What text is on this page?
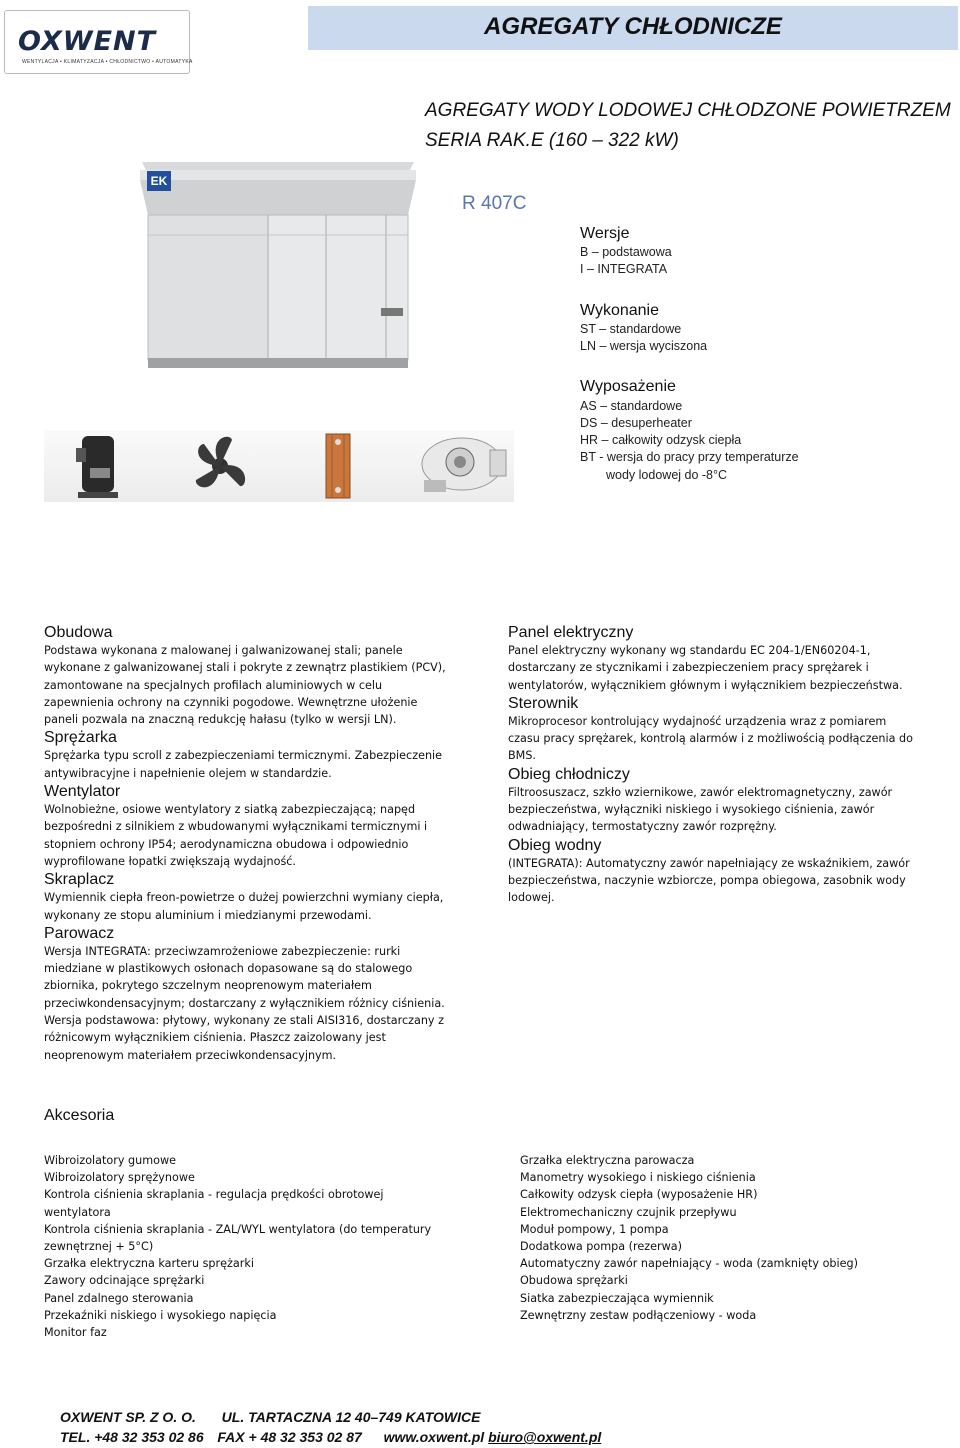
OXWENT
WENTYLACJA • KLIMATYZACJA • CHŁODNICTWO • AUTOMATYKA
AGREGATY CHŁODNICZE
AGREGATY WODY LODOWEJ CHŁODZONE POWIETRZEM
SERIA RAK.E (160 – 322 kW)
EK
R 407C
Wersje
B – podstawowa
I – INTEGRATA
Wykonanie
ST – standardowe
LN – wersja wyciszona
Wyposażenie
AS – standardowe
DS – desuperheater
HR – całkowity odzysk ciepła
BT - wersja do pracy przy temperaturze
wody lodowej do -8°C
Obudowa
Podstawa wykonana z malowanej i galwanizowanej stali; panele
wykonane z galwanizowanej stali i pokryte z zewnątrz plastikiem (PCV),
zamontowane na specjalnych profilach aluminiowych w celu
zapewnienia ochrony na czynniki pogodowe. Wewnętrzne ułożenie
paneli pozwala na znaczną redukcję hałasu (tylko w wersji LN).
Sprężarka
Sprężarka typu scroll z zabezpieczeniami termicznymi. Zabezpieczenie
antywibracyjne i napełnienie olejem w standardzie.
Wentylator
Wolnobieżne, osiowe wentylatory z siatką zabezpieczającą; napęd
bezpośredni z silnikiem z wbudowanymi wyłącznikami termicznymi i
stopniem ochrony IP54; aerodynamiczna obudowa i odpowiednio
wyprofilowane łopatki zwiększają wydajność.
Skraplacz
Wymiennik ciepła freon-powietrze o dużej powierzchni wymiany ciepła,
wykonany ze stopu aluminium i miedzianymi przewodami.
Parowacz
Wersja INTEGRATA: przeciwzamrożeniowe zabezpieczenie: rurki
miedziane w plastikowych osłonach dopasowane są do stalowego
zbiornika, pokrytego szczelnym neoprenowym materiałem
przeciwkondensacyjnym; dostarczany z wyłącznikiem różnicy ciśnienia.
Wersja podstawowa: płytowy, wykonany ze stali AISI316, dostarczany z
różnicowym wyłącznikiem ciśnienia. Płaszcz zaizolowany jest
neoprenowym materiałem przeciwkondensacyjnym.
Panel elektryczny
Panel elektryczny wykonany wg standardu EC 204-1/EN60204-1,
dostarczany ze stycznikami i zabezpieczeniem pracy sprężarek i
wentylatorów, wyłącznikiem głównym i wyłącznikiem bezpieczeństwa.
Sterownik
Mikroprocesor kontrolujący wydajność urządzenia wraz z pomiarem
czasu pracy sprężarek, kontrolą alarmów i z możliwością podłączenia do
BMS.
Obieg chłodniczy
Filtroosuszacz, szkło wziernikowe, zawór elektromagnetyczny, zawór
bezpieczeństwa, wyłączniki niskiego i wysokiego ciśnienia, zawór
odwadniający, termostatyczny zawór rozprężny.
Obieg wodny
(INTEGRATA): Automatyczny zawór napełniający ze wskaźnikiem, zawór
bezpieczeństwa, naczynie wzbiorcze, pompa obiegowa, zasobnik wody
lodowej.
Akcesoria
Wibroizolatory gumowe
Wibroizolatory sprężynowe
Kontrola ciśnienia skraplania - regulacja prędkości obrotowej
wentylatora
Kontrola ciśnienia skraplania - ZAL/WYL wentylatora (do temperatury
zewnętrznej + 5°C)
Grzałka elektryczna karteru sprężarki
Zawory odcinające sprężarki
Panel zdalnego sterowania
Przekaźniki niskiego i wysokiego napięcia
Monitor faz
Grzałka elektryczna parowacza
Manometry wysokiego i niskiego ciśnienia
Całkowity odzysk ciepła (wyposażenie HR)
Elektromechaniczny czujnik przepływu
Moduł pompowy, 1 pompa
Dodatkowa pompa (rezerwa)
Automatyczny zawór napełniający - woda (zamknięty obieg)
Obudowa sprężarki
Siatka zabezpieczająca wymiennik
Zewnętrzny zestaw podłączeniowy - woda
OXWENT SP. Z O. O. UL. TARTACZNA 12 40–749 KATOWICE
TEL. +48 32 353 02 86 FAX + 48 32 353 02 87 www.oxwent.pl biuro@oxwent.pl
